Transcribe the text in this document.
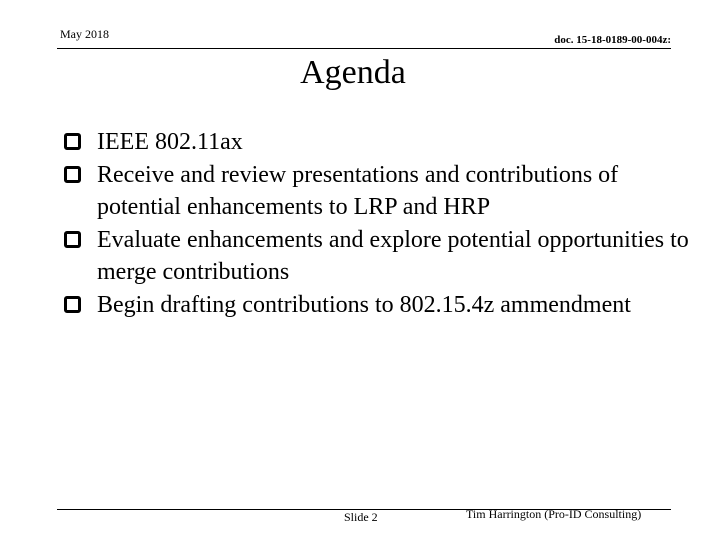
May 2018	doc. 15-18-0189-00-004z:
Agenda
IEEE 802.11ax
Receive and review presentations and contributions of potential enhancements to LRP and HRP
Evaluate enhancements and explore potential opportunities to merge contributions
Begin drafting contributions to 802.15.4z ammendment
Slide 2	Tim Harrington (Pro-ID Consulting)
